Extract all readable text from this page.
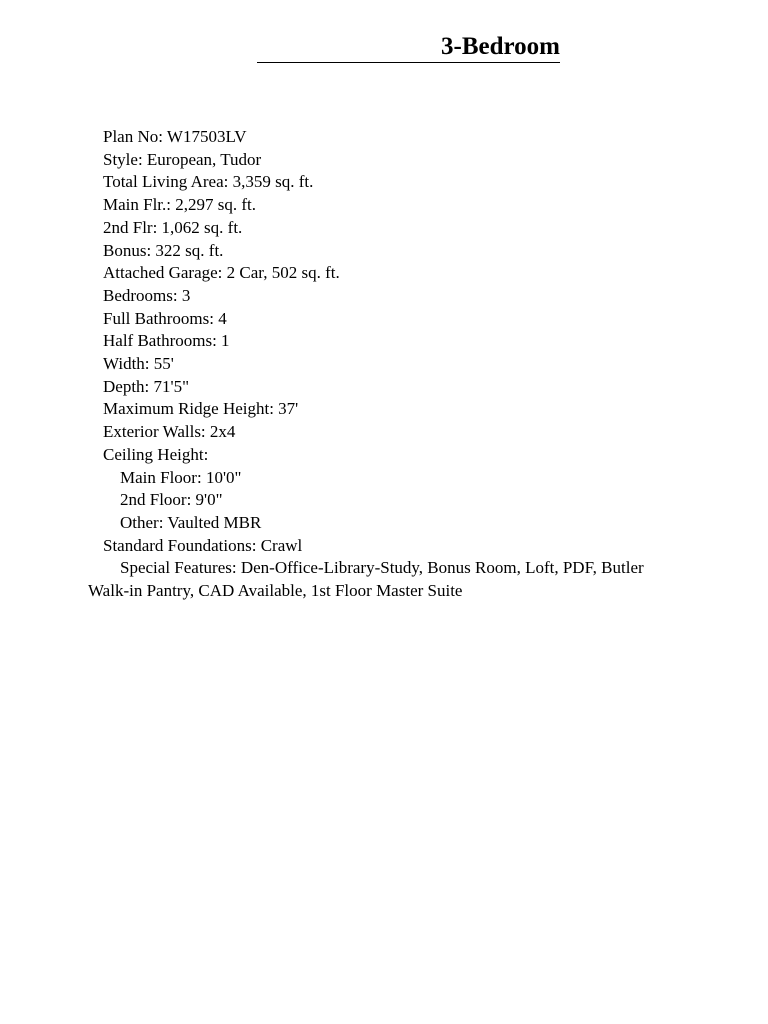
3-Bedroom
Plan No: W17503LV
Style: European, Tudor
Total Living Area: 3,359 sq. ft.
Main Flr.: 2,297 sq. ft.
2nd Flr: 1,062 sq. ft.
Bonus: 322 sq. ft.
Attached Garage: 2 Car, 502 sq. ft.
Bedrooms: 3
Full Bathrooms: 4
Half Bathrooms: 1
Width: 55'
Depth: 71'5"
Maximum Ridge Height: 37'
Exterior Walls: 2x4
Ceiling Height:
Main Floor: 10'0"
2nd Floor: 9'0"
Other: Vaulted MBR
Standard Foundations: Crawl
Special Features: Den-Office-Library-Study, Bonus Room, Loft, PDF, Butler Walk-in Pantry, CAD Available, 1st Floor Master Suite
